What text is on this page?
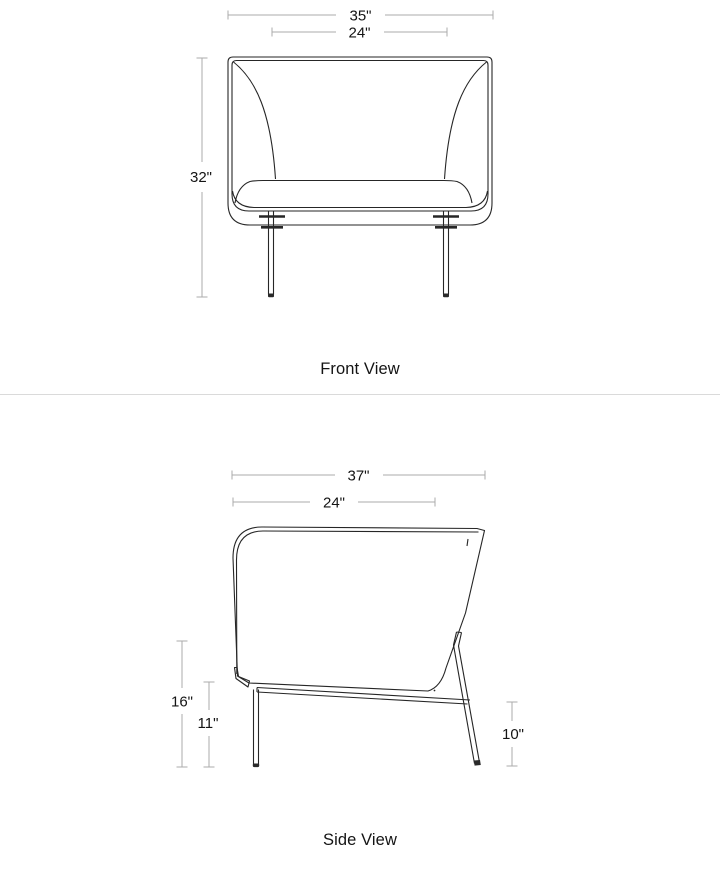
35"
24"
32"
Front View
37"
24"
16"
11"
10"
Side View
